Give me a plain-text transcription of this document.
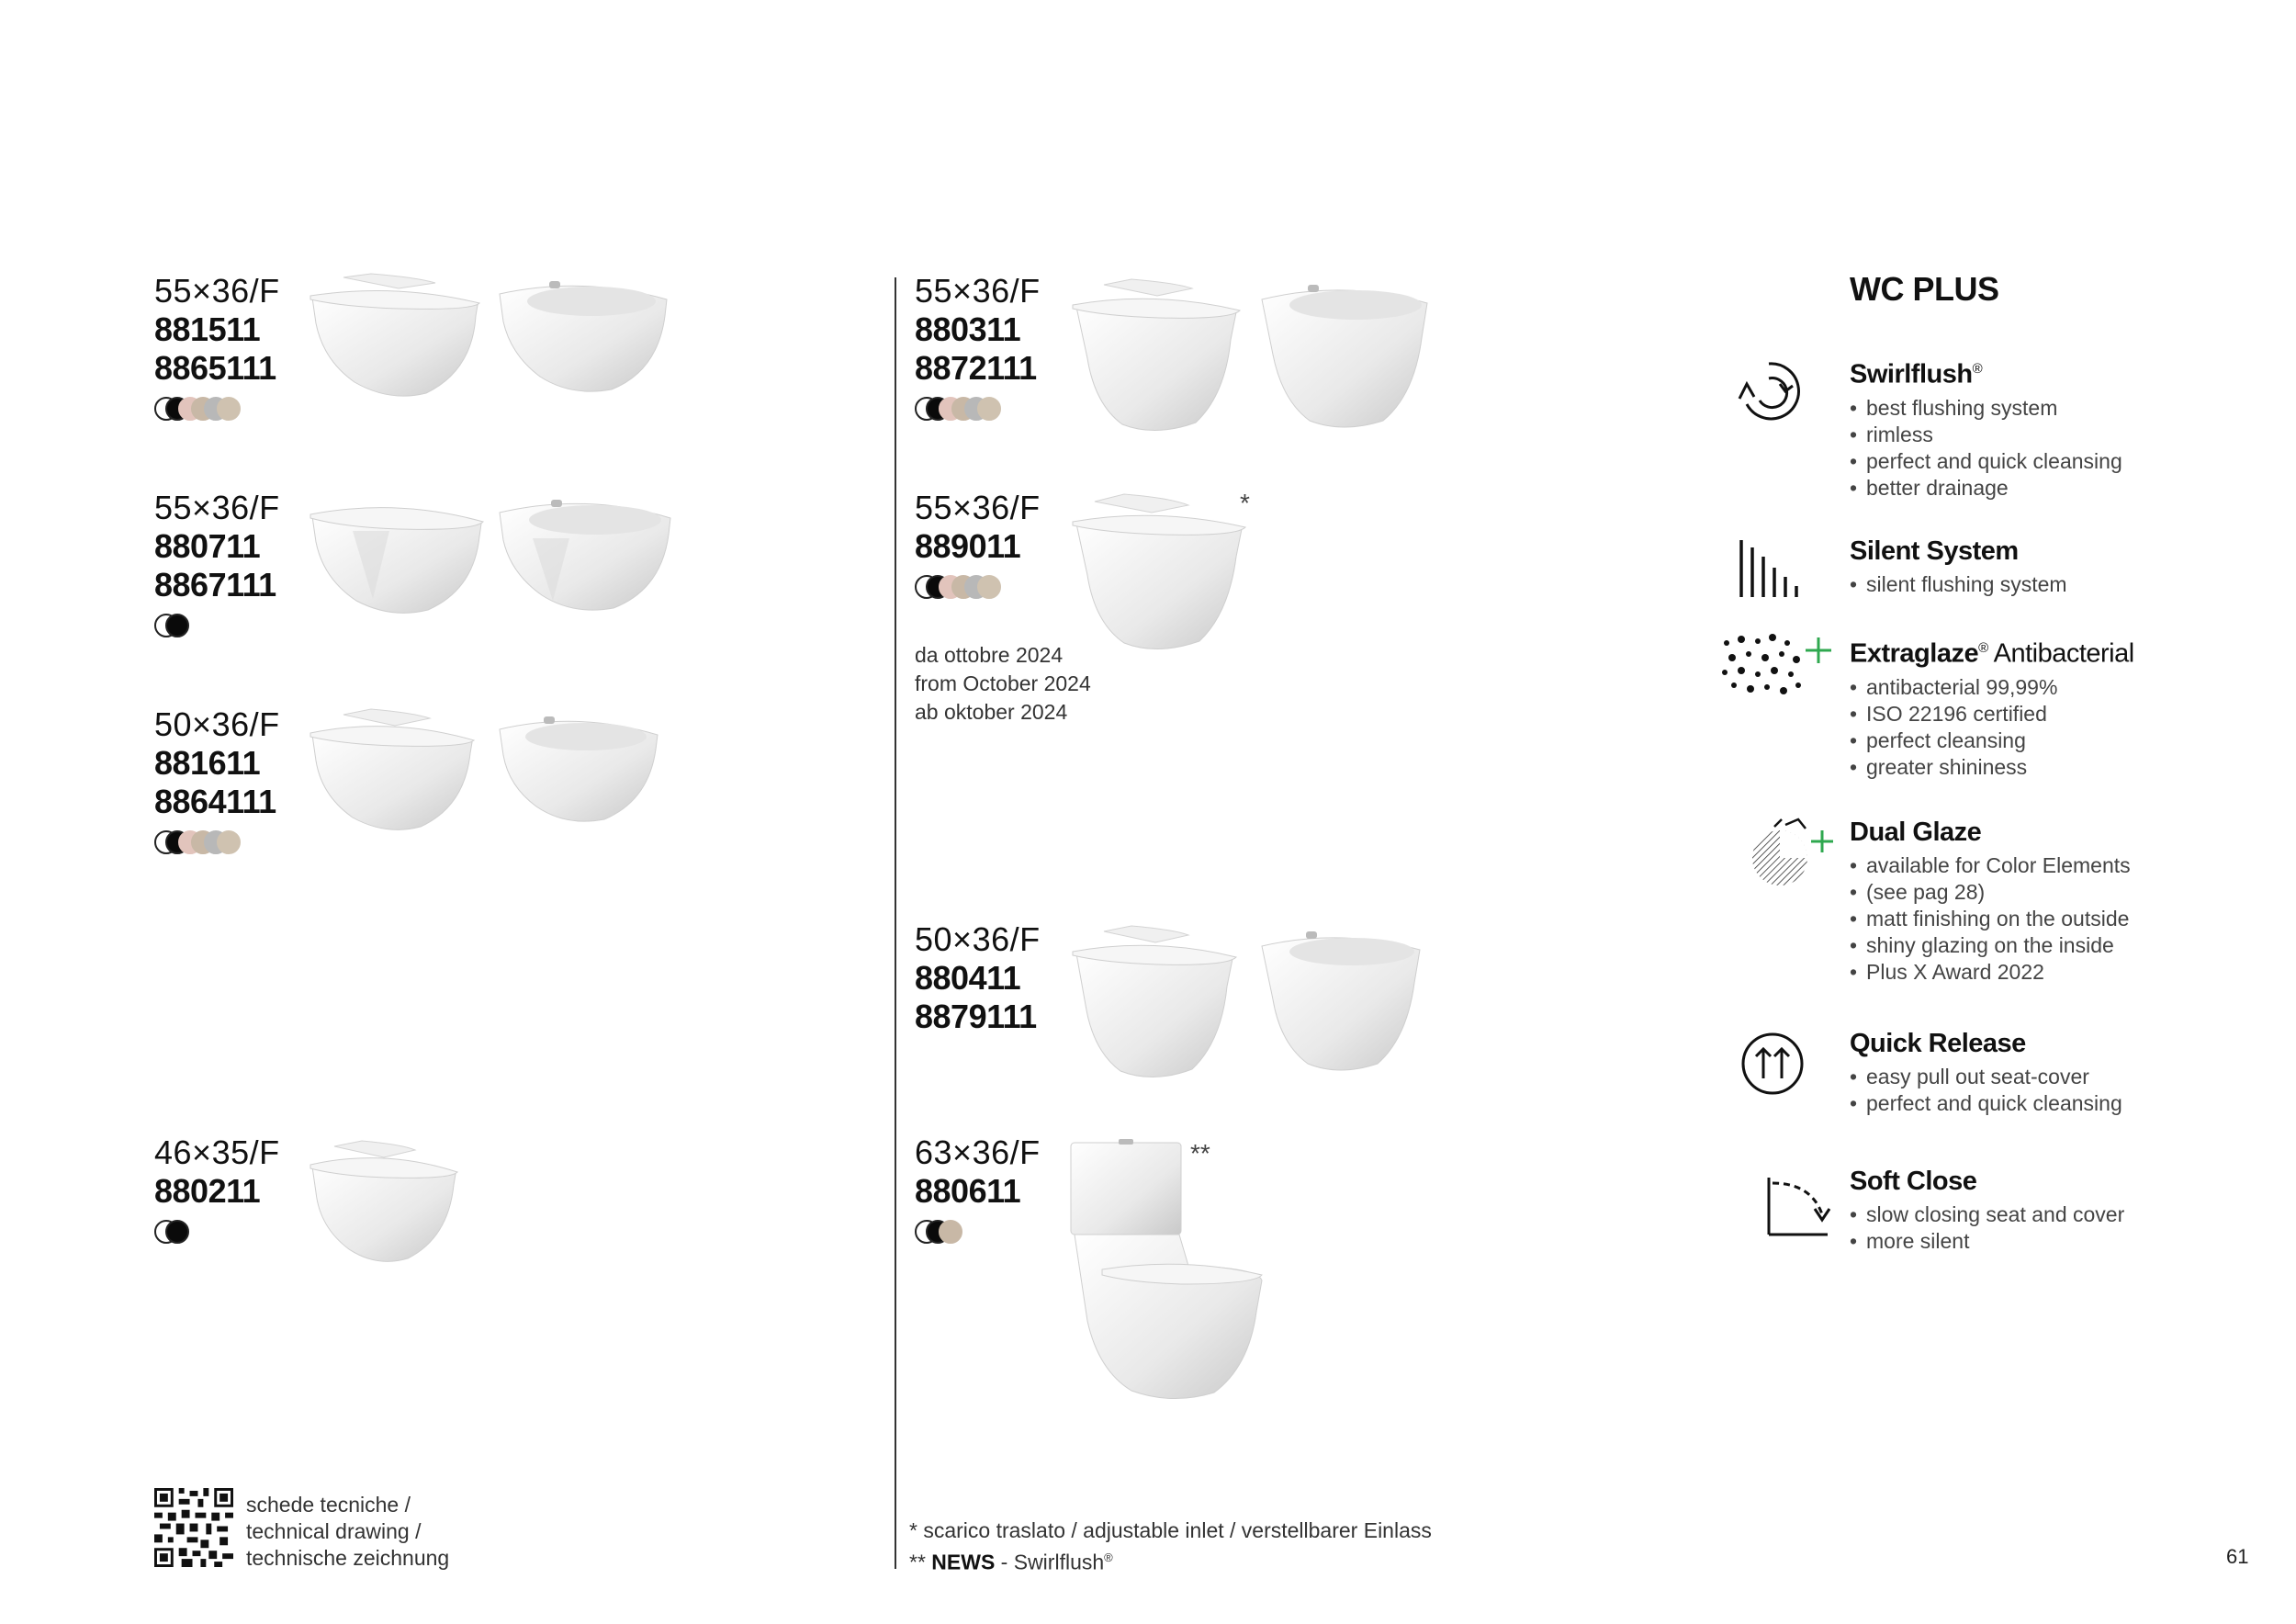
55×36/F
881511
8865111
55×36/F
880711
8867111
50×36/F
881611
8864111
46×35/F
880211
55×36/F
880311
8872111
55×36/F
889011
*
da ottobre 2024
from October 2024
ab oktober 2024
50×36/F
880411
8879111
63×36/F
880611
**
WC PLUS
Swirlflush®
• best flushing system
• rimless
• perfect and quick cleansing
• better drainage
Silent System
• silent flushing system
Extraglaze® Antibacterial
• antibacterial 99,99%
• ISO 22196 certified
• perfect cleansing
• greater shininess
Dual Glaze
• available for Color Elements
• (see pag 28)
• matt finishing on the outside
• shiny glazing on the inside
• Plus X Award 2022
Quick Release
• easy pull out seat-cover
• perfect and quick cleansing
Soft Close
• slow closing seat and cover
• more silent
schede tecniche /
technical drawing /
technische zeichnung
* scarico traslato / adjustable inlet / verstellbarer Einlass
** NEWS - Swirlflush®	61
